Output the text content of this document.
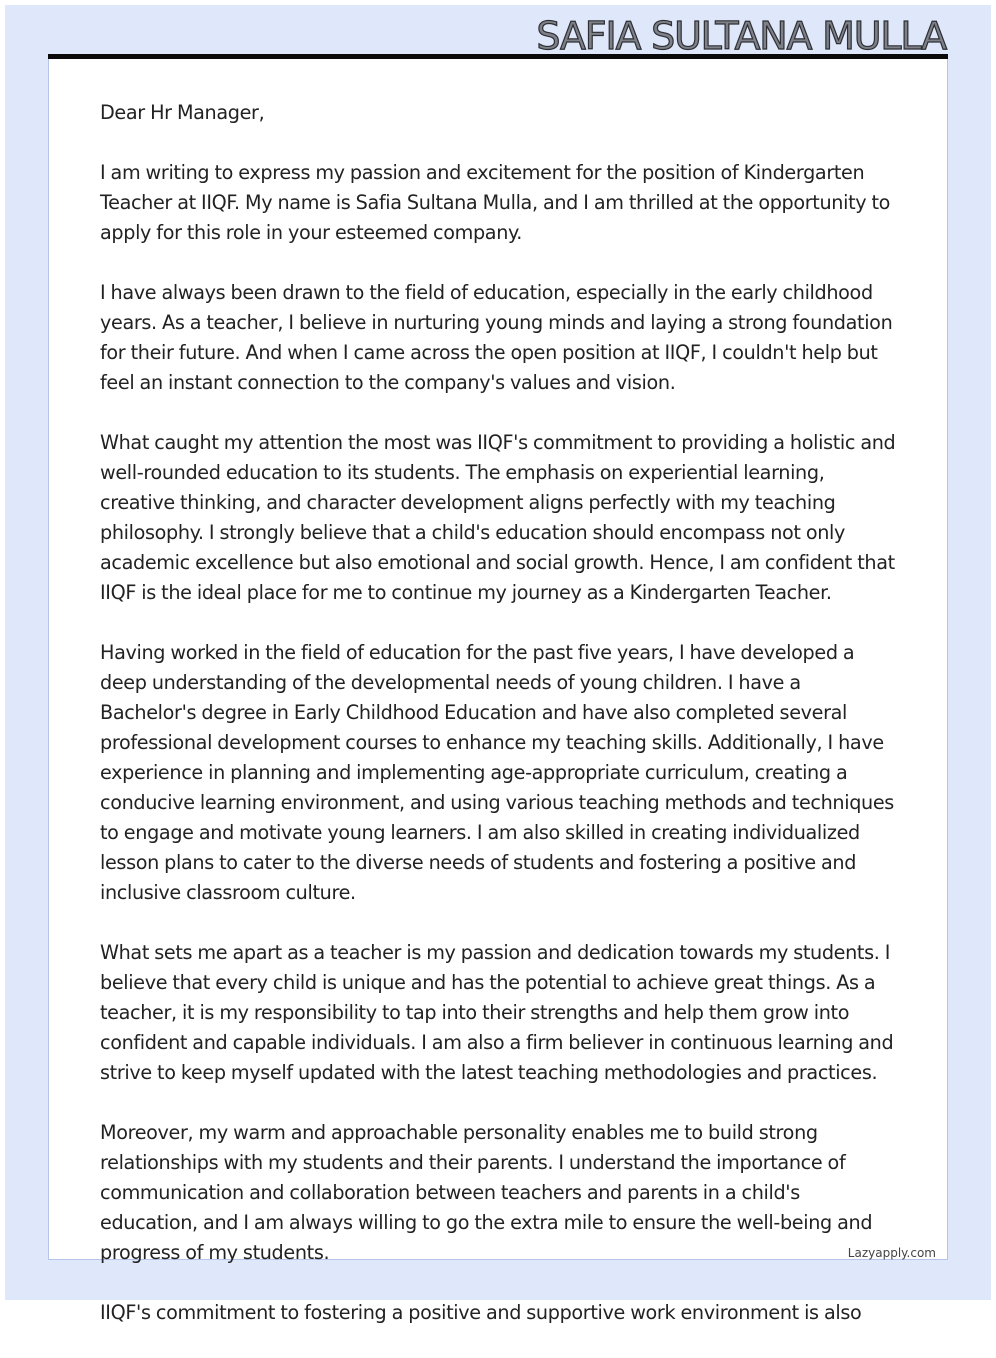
SAFIA SULTANA MULLA

Dear Hr Manager,

I am writing to express my passion and excitement for the position of Kindergarten Teacher at IIQF. My name is Safia Sultana Mulla, and I am thrilled at the opportunity to apply for this role in your esteemed company.

I have always been drawn to the field of education, especially in the early childhood years. As a teacher, I believe in nurturing young minds and laying a strong foundation for their future. And when I came across the open position at IIQF, I couldn't help but feel an instant connection to the company's values and vision.

What caught my attention the most was IIQF's commitment to providing a holistic and well-rounded education to its students. The emphasis on experiential learning, creative thinking, and character development aligns perfectly with my teaching philosophy. I strongly believe that a child's education should encompass not only academic excellence but also emotional and social growth. Hence, I am confident that IIQF is the ideal place for me to continue my journey as a Kindergarten Teacher.

Having worked in the field of education for the past five years, I have developed a deep understanding of the developmental needs of young children. I have a Bachelor's degree in Early Childhood Education and have also completed several professional development courses to enhance my teaching skills. Additionally, I have experience in planning and implementing age-appropriate curriculum, creating a conducive learning environment, and using various teaching methods and techniques to engage and motivate young learners. I am also skilled in creating individualized lesson plans to cater to the diverse needs of students and fostering a positive and inclusive classroom culture.

What sets me apart as a teacher is my passion and dedication towards my students. I believe that every child is unique and has the potential to achieve great things. As a teacher, it is my responsibility to tap into their strengths and help them grow into confident and capable individuals. I am also a firm believer in continuous learning and strive to keep myself updated with the latest teaching methodologies and practices.

Moreover, my warm and approachable personality enables me to build strong relationships with my students and their parents. I understand the importance of communication and collaboration between teachers and parents in a child's education, and I am always willing to go the extra mile to ensure the well-being and progress of my students.

IIQF's commitment to fostering a positive and supportive work environment is also

Lazyapply.com
